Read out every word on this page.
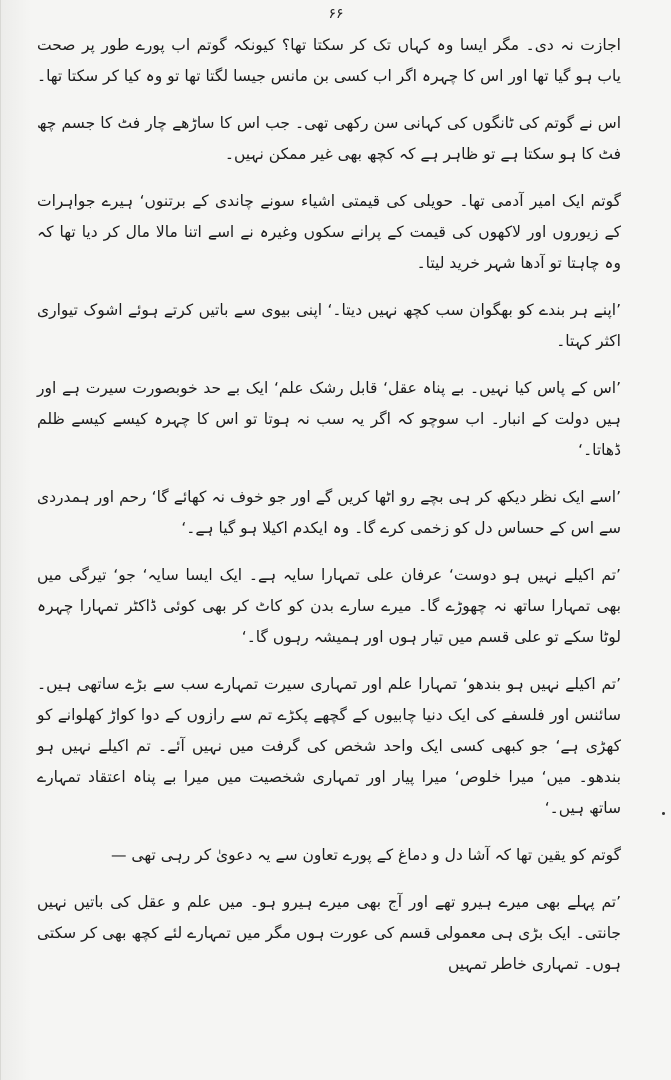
۶۶

اجازت نہ دی۔ مگر ایسا وہ کہاں تک کر سکتا تھا؟ کیونکہ گوتم اب پورے طور پر صحت یاب ہو گیا تھا اور اس کا چہرہ اگر اب کسی بن مانس جیسا لگتا تھا تو وہ کیا کر سکتا تھا۔

اس نے گوتم کی ٹانگوں کی کہانی سن رکھی تھی۔ جب اس کا ساڑھے چار فٹ کا جسم چھ فٹ کا ہو سکتا ہے تو ظاہر ہے کہ کچھ بھی غیر ممکن نہیں۔

گوتم ایک امیر آدمی تھا۔ حویلی کی قیمتی اشیاء سونے چاندی کے برتنوں‘ ہیرے جواہرات کے زیوروں اور لاکھوں کی قیمت کے پرانے سکوں وغیرہ نے اسے اتنا مالا مال کر دیا تھا کہ وہ چاہتا تو آدھا شہر خرید لیتا۔

’اپنے ہر بندے کو بھگوان سب کچھ نہیں دیتا۔‘ اپنی بیوی سے باتیں کرتے ہوئے اشوک تیواری اکثر کہتا۔

’اس کے پاس کیا نہیں۔ بے پناہ عقل‘ قابل رشک علم‘ ایک بے حد خوبصورت سیرت ہے اور ہیں دولت کے انبار۔ اب سوچو کہ اگر یہ سب نہ ہوتا تو اس کا چہرہ کیسے کیسے ظلم ڈھاتا۔‘

’اسے ایک نظر دیکھ کر ہی بچے رو اٹھا کریں گے اور جو خوف نہ کھائے گا‘ رحم اور ہمدردی سے اس کے حساس دل کو زخمی کرے گا۔ وہ ایکدم اکیلا ہو گیا ہے۔‘

’تم اکیلے نہیں ہو دوست‘ عرفان علی تمہارا سایہ ہے۔ ایک ایسا سایہ‘ جو‘ تیرگی میں بھی تمہارا ساتھ نہ چھوڑے گا۔ میرے سارے بدن کو کاٹ کر بھی کوئی ڈاکٹر تمہارا چہرہ لوٹا سکے تو علی قسم میں تیار ہوں اور ہمیشہ رہوں گا۔‘

’تم اکیلے نہیں ہو بندھو‘ تمہارا علم اور تمہاری سیرت تمہارے سب سے بڑے ساتھی ہیں۔ سائنس اور فلسفے کی ایک دنیا چابیوں کے گچھے پکڑے تم سے رازوں کے دوا کواڑ کھلوانے کو کھڑی ہے‘ جو کبھی کسی ایک واحد شخص کی گرفت میں نہیں آئے۔ تم اکیلے نہیں ہو بندھو۔ میں‘ میرا خلوص‘ میرا پیار اور تمہاری شخصیت میں میرا بے پناہ اعتقاد تمہارے ساتھ ہیں۔‘

گوتم کو یقین تھا کہ آشا دل و دماغ کے پورے تعاون سے یہ دعویٰ کر رہی تھی —

’تم پہلے بھی میرے ہیرو تھے اور آج بھی میرے ہیرو ہو۔ میں علم و عقل کی باتیں نہیں جانتی۔ ایک بڑی ہی معمولی قسم کی عورت ہوں مگر میں تمہارے لئے کچھ بھی کر سکتی ہوں۔ تمہاری خاطر تمہیں
